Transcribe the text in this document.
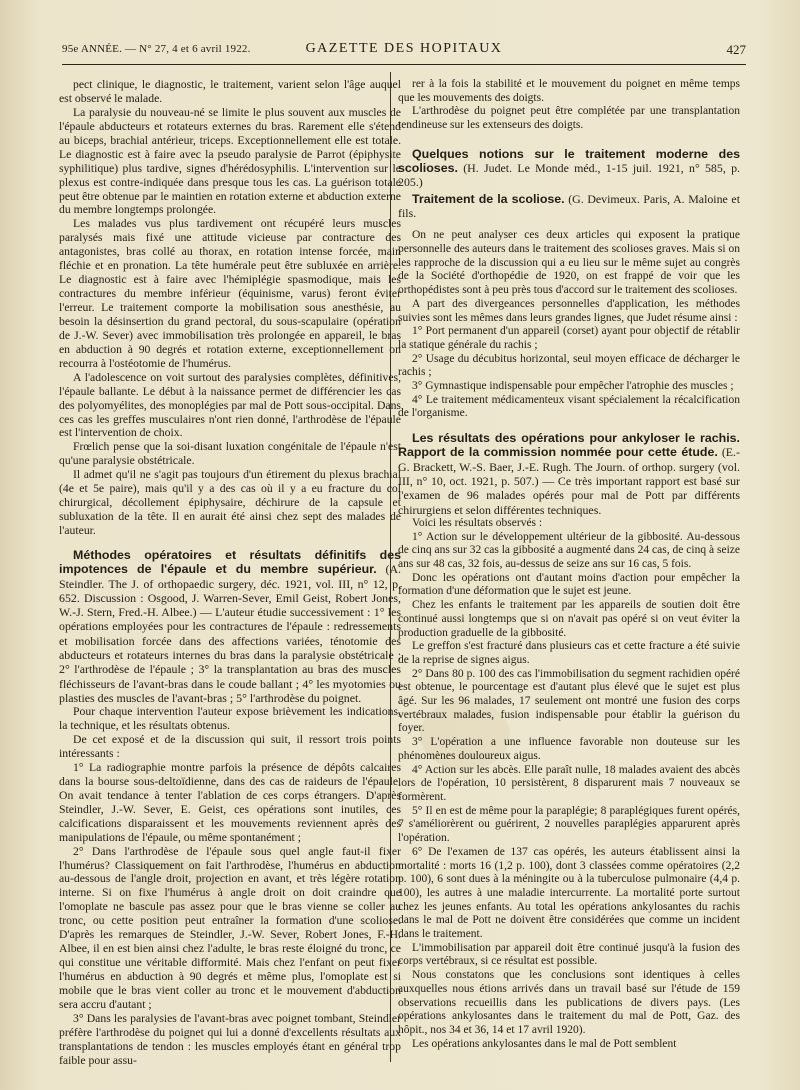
95e ANNÉE. — N° 27, 4 et 6 avril 1922.	GAZETTE DES HOPITAUX	427

pect clinique, le diagnostic, le traitement, varient selon l'âge auquel est observé le malade.

La paralysie du nouveau-né se limite le plus souvent aux muscles de l'épaule abducteurs et rotateurs externes du bras. Rarement elle s'étend au biceps, brachial antérieur, triceps. Exceptionnellement elle est totale. Le diagnostic est à faire avec la pseudo paralysie de Parrot (épiphysite syphilitique) plus tardive, signes d'hérédosyphilis. L'intervention sur le plexus est contre-indiquée dans presque tous les cas. La guérison totale peut être obtenue par le maintien en rotation externe et abduction externe du membre longtemps prolongée.

Les malades vus plus tardivement ont récupéré leurs muscles paralysés mais fixé une attitude vicieuse par contracture des antagonistes, bras collé au thorax, en rotation intense forcée, main fléchie et en pronation. La tête humérale peut être subluxée en arrière. Le diagnostic est à faire avec l'hémiplégie spasmodique, mais les contractures du membre inférieur (équinisme, varus) feront éviter l'erreur. Le traitement comporte la mobilisation sous anesthésie, au besoin la désinsertion du grand pectoral, du sous-scapulaire (opération de J.-W. Sever) avec immobilisation très prolongée en appareil, le bras en abduction à 90 degrés et rotation externe, exceptionnellement on recourra à l'ostéotomie de l'humérus.

A l'adolescence on voit surtout des paralysies complètes, définitives, l'épaule ballante. Le début à la naissance permet de différencier les cas des polyomyélites, des monoplégies par mal de Pott sous-occipital. Dans ces cas les greffes musculaires n'ont rien donné, l'arthrodèse de l'épaule est l'intervention de choix.

Frœlich pense que la soi-disant luxation congénitale de l'épaule n'est qu'une paralysie obstétricale.

Il admet qu'il ne s'agit pas toujours d'un étirement du plexus brachial (4e et 5e paire), mais qu'il y a des cas où il y a eu fracture du col chirurgical, décollement épiphysaire, déchirure de la capsule et subluxation de la tête. Il en aurait été ainsi chez sept des malades de l'auteur.

Méthodes opératoires et résultats définitifs des impotences de l'épaule et du membre supérieur. (A. Steindler. The J. of orthopaedic surgery, déc. 1921, vol. III, n° 12, p. 652. Discussion : Osgood, J. Warren-Sever, Emil Geist, Robert Jones, W.-J. Stern, Fred.-H. Albee.) — L'auteur étudie successivement : 1° les opérations employées pour les contractures de l'épaule : redressements et mobilisation forcée dans des affections variées, ténotomie des abducteurs et rotateurs internes du bras dans la paralysie obstétricale ; 2° l'arthrodèse de l'épaule ; 3° la transplantation au bras des muscles fléchisseurs de l'avant-bras dans le coude ballant ; 4° les myotomies ou plasties des muscles de l'avant-bras ; 5° l'arthrodèse du poignet.

Pour chaque intervention l'auteur expose brièvement les indications, la technique, et les résultats obtenus.

De cet exposé et de la discussion qui suit, il ressort trois points intéressants :

1° La radiographie montre parfois la présence de dépôts calcaires dans la bourse sous-deltoïdienne, dans des cas de raideurs de l'épaule. On avait tendance à tenter l'ablation de ces corps étrangers. D'après Steindler, J.-W. Sever, E. Geist, ces opérations sont inutiles, ces calcifications disparaissent et les mouvements reviennent après des manipulations de l'épaule, ou même spontanément ;

2° Dans l'arthrodèse de l'épaule sous quel angle faut-il fixer l'humérus? Classiquement on fait l'arthrodèse, l'humérus en abduction au-dessous de l'angle droit, projection en avant, et très légère rotation interne. Si on fixe l'humérus à angle droit on doit craindre que l'omoplate ne bascule pas assez pour que le bras vienne se coller au tronc, ou cette position peut entraîner la formation d'une scoliose. D'après les remarques de Steindler, J.-W. Sever, Robert Jones, F.-H. Albee, il en est bien ainsi chez l'adulte, le bras reste éloigné du tronc, ce qui constitue une véritable difformité. Mais chez l'enfant on peut fixer l'humérus en abduction à 90 degrés et même plus, l'omoplate est si mobile que le bras vient coller au tronc et le mouvement d'abduction sera accru d'autant ;

3° Dans les paralysies de l'avant-bras avec poignet tombant, Steindler préfère l'arthrodèse du poignet qui lui a donné d'excellents résultats aux transplantations de tendon : les muscles employés étant en général trop faible pour assu-

rer à la fois la stabilité et le mouvement du poignet en même temps que les mouvements des doigts.

L'arthrodèse du poignet peut être complétée par une transplantation tendineuse sur les extenseurs des doigts.

Quelques notions sur le traitement moderne des scolioses. (H. Judet. Le Monde méd., 1-15 juil. 1921, n° 585, p. 205.)
Traitement de la scoliose. (G. Devimeux. Paris, A. Maloine et fils.

On ne peut analyser ces deux articles qui exposent la pratique personnelle des auteurs dans le traitement des scolioses graves. Mais si on les rapproche de la discussion qui a eu lieu sur le même sujet au congrès de la Société d'orthopédie de 1920, on est frappé de voir que les orthopédistes sont à peu près tous d'accord sur le traitement des scolioses.

A part des divergeances personnelles d'application, les méthodes suivies sont les mêmes dans leurs grandes lignes, que Judet résume ainsi :

1° Port permanent d'un appareil (corset) ayant pour objectif de rétablir la statique générale du rachis ;

2° Usage du décubitus horizontal, seul moyen efficace de décharger le rachis ;

3° Gymnastique indispensable pour empêcher l'atrophie des muscles ;

4° Le traitement médicamenteux visant spécialement la récalcification de l'organisme.

Les résultats des opérations pour ankyloser le rachis. Rapport de la commission nommée pour cette étude. (E.-G. Brackett, W.-S. Baer, J.-E. Rugh. The Journ. of orthop. surgery (vol. III, n° 10, oct. 1921, p. 507.) — Ce très important rapport est basé sur l'examen de 96 malades opérés pour mal de Pott par différents chirurgiens et selon différentes techniques.

Voici les résultats observés :

1° Action sur le développement ultérieur de la gibbosité. Au-dessous de cinq ans sur 32 cas la gibbosité a augmenté dans 24 cas, de cinq à seize ans sur 48 cas, 32 fois, au-dessus de seize ans sur 16 cas, 5 fois.

Donc les opérations ont d'autant moins d'action pour empêcher la formation d'une déformation que le sujet est jeune.

Chez les enfants le traitement par les appareils de soutien doit être continué aussi longtemps que si on n'avait pas opéré si on veut éviter la production graduelle de la gibbosité.

Le greffon s'est fracturé dans plusieurs cas et cette fracture a été suivie de la reprise de signes aigus.

2° Dans 80 p. 100 des cas l'immobilisation du segment rachidien opéré est obtenue, le pourcentage est d'autant plus élevé que le sujet est plus âgé. Sur les 96 malades, 17 seulement ont montré une fusion des corps vertébraux malades, fusion indispensable pour établir la guérison du foyer.

3° L'opération a une influence favorable non douteuse sur les phénomènes douloureux aigus.

4° Action sur les abcès. Elle paraît nulle, 18 malades avaient des abcès lors de l'opération, 10 persistèrent, 8 disparurent mais 7 nouveaux se formèrent.

5° Il en est de même pour la paraplégie; 8 paraplégiques furent opérés, 7 s'améliorèrent ou guérirent, 2 nouvelles paraplégies apparurent après l'opération.

6° De l'examen de 137 cas opérés, les auteurs établissent ainsi la mortalité : morts 16 (1,2 p. 100), dont 3 classées comme opératoires (2,2 p. 100), 6 sont dues à la méningite ou à la tuberculose pulmonaire (4,4 p. 100), les autres à une maladie intercurrente. La mortalité porte surtout chez les jeunes enfants. Au total les opérations ankylosantes du rachis dans le mal de Pott ne doivent être considérées que comme un incident dans le traitement.

L'immobilisation par appareil doit être continué jusqu'à la fusion des corps vertébraux, si ce résultat est possible.

Nous constatons que les conclusions sont identiques à celles auxquelles nous étions arrivés dans un travail basé sur l'étude de 159 observations recueillis dans les publications de divers pays. (Les opérations ankylosantes dans le traitement du mal de Pott, Gaz. des hôpit., nos 34 et 36, 14 et 17 avril 1920).

Les opérations ankylosantes dans le mal de Pott semblent
